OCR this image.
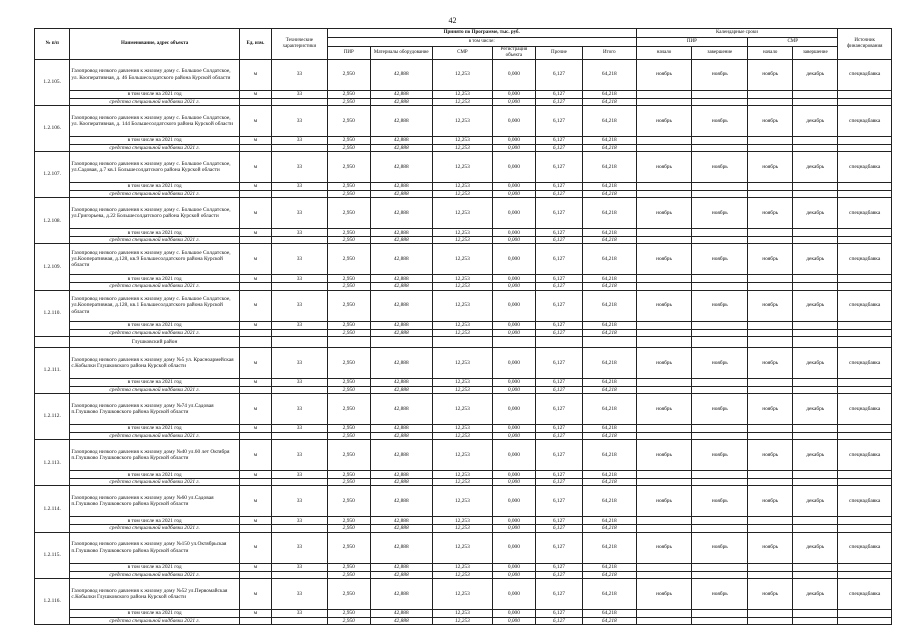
42
№ п/п	Наименование, адрес объекта	Ед. изм.	Технические характеристики	Принято по Программе, тыс. руб.						Календарные сроки				Источник финансирования
				в том числе:						ПИР		СМР		
				ПИР	Материалы оборудование	СМР	Регистрация объекта	Прочие	Итого	начало	завершение	начало	завершение	
1.2.105.	Газопровод низкого давления к жилому дому с. Большое Солдатское, ул. Кооперативная, д. 46 Большесолдатского района Курской области	м	33	2,950	42,888	12,253	0,000	6,127	64,218	ноябрь	ноябрь	ноябрь	декабрь	спецнадбавка
	в том числе на 2021 год	м	33	2,950	42,888	12,253	0,000	6,127	64,218					
	средства специальной надбавки 2021 г.			2,950	42,888	12,253	0,000	6,127	64,218					
1.2.106.	Газопровод низкого давления к жилому дому с. Большое Солдатское, ул. Кооперативная, д. 144 Большесолдатского района Курской области	м	33	2,950	42,888	12,253	0,000	6,127	64,218	ноябрь	ноябрь	ноябрь	декабрь	спецнадбавка
	в том числе на 2021 год	м	33	2,950	42,888	12,253	0,000	6,127	64,218					
	средства специальной надбавки 2021 г.			2,950	42,888	12,253	0,000	6,127	64,218					
1.2.107.	Газопровод низкого давления к жилому дому с. Большое Солдатское, ул.Садовая, д.7 кв.1 Большесолдатского района Курской области	м	33	2,950	42,888	12,253	0,000	6,127	64,218	ноябрь	ноябрь	ноябрь	декабрь	спецнадбавка
	в том числе на 2021 год	м	33	2,950	42,888	12,253	0,000	6,127	64,218					
	средства специальной надбавки 2021 г.			2,950	42,888	12,253	0,000	6,127	64,218					
1.2.108.	Газопровод низкого давления к жилому дому с. Большое Солдатское, ул.Григорьева, д.22 Большесолдатского района Курской области	м	33	2,950	42,888	12,253	0,000	6,127	64,218	ноябрь	ноябрь	ноябрь	декабрь	спецнадбавка
	в том числе на 2021 год	м	33	2,950	42,888	12,253	0,000	6,127	64,218					
	средства специальной надбавки 2021 г.			2,950	42,888	12,253	0,000	6,127	64,218					
1.2.109.	Газопровод низкого давления к жилому дому с. Большое Солдатское, ул.Кооперативная, д.128, кв.9 Большесолдатского района Курской области	м	33	2,950	42,888	12,253	0,000	6,127	64,218	ноябрь	ноябрь	ноябрь	декабрь	спецнадбавка
	в том числе на 2021 год	м	33	2,950	42,888	12,253	0,000	6,127	64,218					
	средства специальной надбавки 2021 г.			2,950	42,888	12,253	0,000	6,127	64,218					
1.2.110.	Газопровод низкого давления к жилому дому с. Большое Солдатское, ул.Кооперативная, д.128, кв.1 Большесолдатского района Курской области	м	33	2,950	42,888	12,253	0,000	6,127	64,218	ноябрь	ноябрь	ноябрь	декабрь	спецнадбавка
	в том числе на 2021 год	м	33	2,950	42,888	12,253	0,000	6,127	64,218					
	средства специальной надбавки 2021 г.			2,950	42,888	12,253	0,000	6,127	64,218					
	Глушковский район													
1.2.111.	Газопровод низкого давления к жилому дому №5 ул. Красноармейская с.Кобылки Глушковского района Курской области	м	33	2,950	42,888	12,253	0,000	6,127	64,218	ноябрь	ноябрь	ноябрь	декабрь	спецнадбавка
	в том числе на 2021 год	м	33	2,950	42,888	12,253	0,000	6,127	64,218					
	средства специальной надбавки 2021 г.			2,950	42,888	12,253	0,000	6,127	64,218					
1.2.112.	Газопровод низкого давления к жилому дому №74 ул.Садовая п.Глушково Глушковского района Курской области	м	33	2,950	42,888	12,253	0,000	6,127	64,218	ноябрь	ноябрь	ноябрь	декабрь	спецнадбавка
	в том числе на 2021 год	м	33	2,950	42,888	12,253	0,000	6,127	64,218					
	средства специальной надбавки 2021 г.			2,950	42,888	12,253	0,000	6,127	64,218					
1.2.113.	Газопровод низкого давления к жилому дому №40 ул.60 лет Октября п.Глушково Глушковского района Курской области	м	33	2,950	42,888	12,253	0,000	6,127	64,218	ноябрь	ноябрь	ноябрь	декабрь	спецнадбавка
	в том числе на 2021 год	м	33	2,950	42,888	12,253	0,000	6,127	64,218					
	средства специальной надбавки 2021 г.			2,950	42,888	12,253	0,000	6,127	64,218					
1.2.114.	Газопровод низкого давления к жилому дому №60 ул.Садовая п.Глушково Глушковского района Курской области	м	33	2,950	42,888	12,253	0,000	6,127	64,218	ноябрь	ноябрь	ноябрь	декабрь	спецнадбавка
	в том числе на 2021 год	м	33	2,950	42,888	12,253	0,000	6,127	64,218					
	средства специальной надбавки 2021 г.			2,950	42,888	12,253	0,000	6,127	64,218					
1.2.115.	Газопровод низкого давления к жилому дому №150 ул.Октябрьская п.Глушково Глушковского района Курской области	м	33	2,950	42,888	12,253	0,000	6,127	64,218	ноябрь	ноябрь	ноябрь	декабрь	спецнадбавка
	в том числе на 2021 год	м	33	2,950	42,888	12,253	0,000	6,127	64,218					
	средства специальной надбавки 2021 г.			2,950	42,888	12,253	0,000	6,127	64,218					
1.2.116.	Газопровод низкого давления к жилому дому №52 ул.Первомайская с.Кобылки Глушковского района Курской области	м	33	2,950	42,888	12,253	0,000	6,127	64,218	ноябрь	ноябрь	ноябрь	декабрь	спецнадбавка
	в том числе на 2021 год	м	33	2,950	42,888	12,253	0,000	6,127	64,218					
	средства специальной надбавки 2021 г.			2,950	42,888	12,253	0,000	6,127	64,218					
